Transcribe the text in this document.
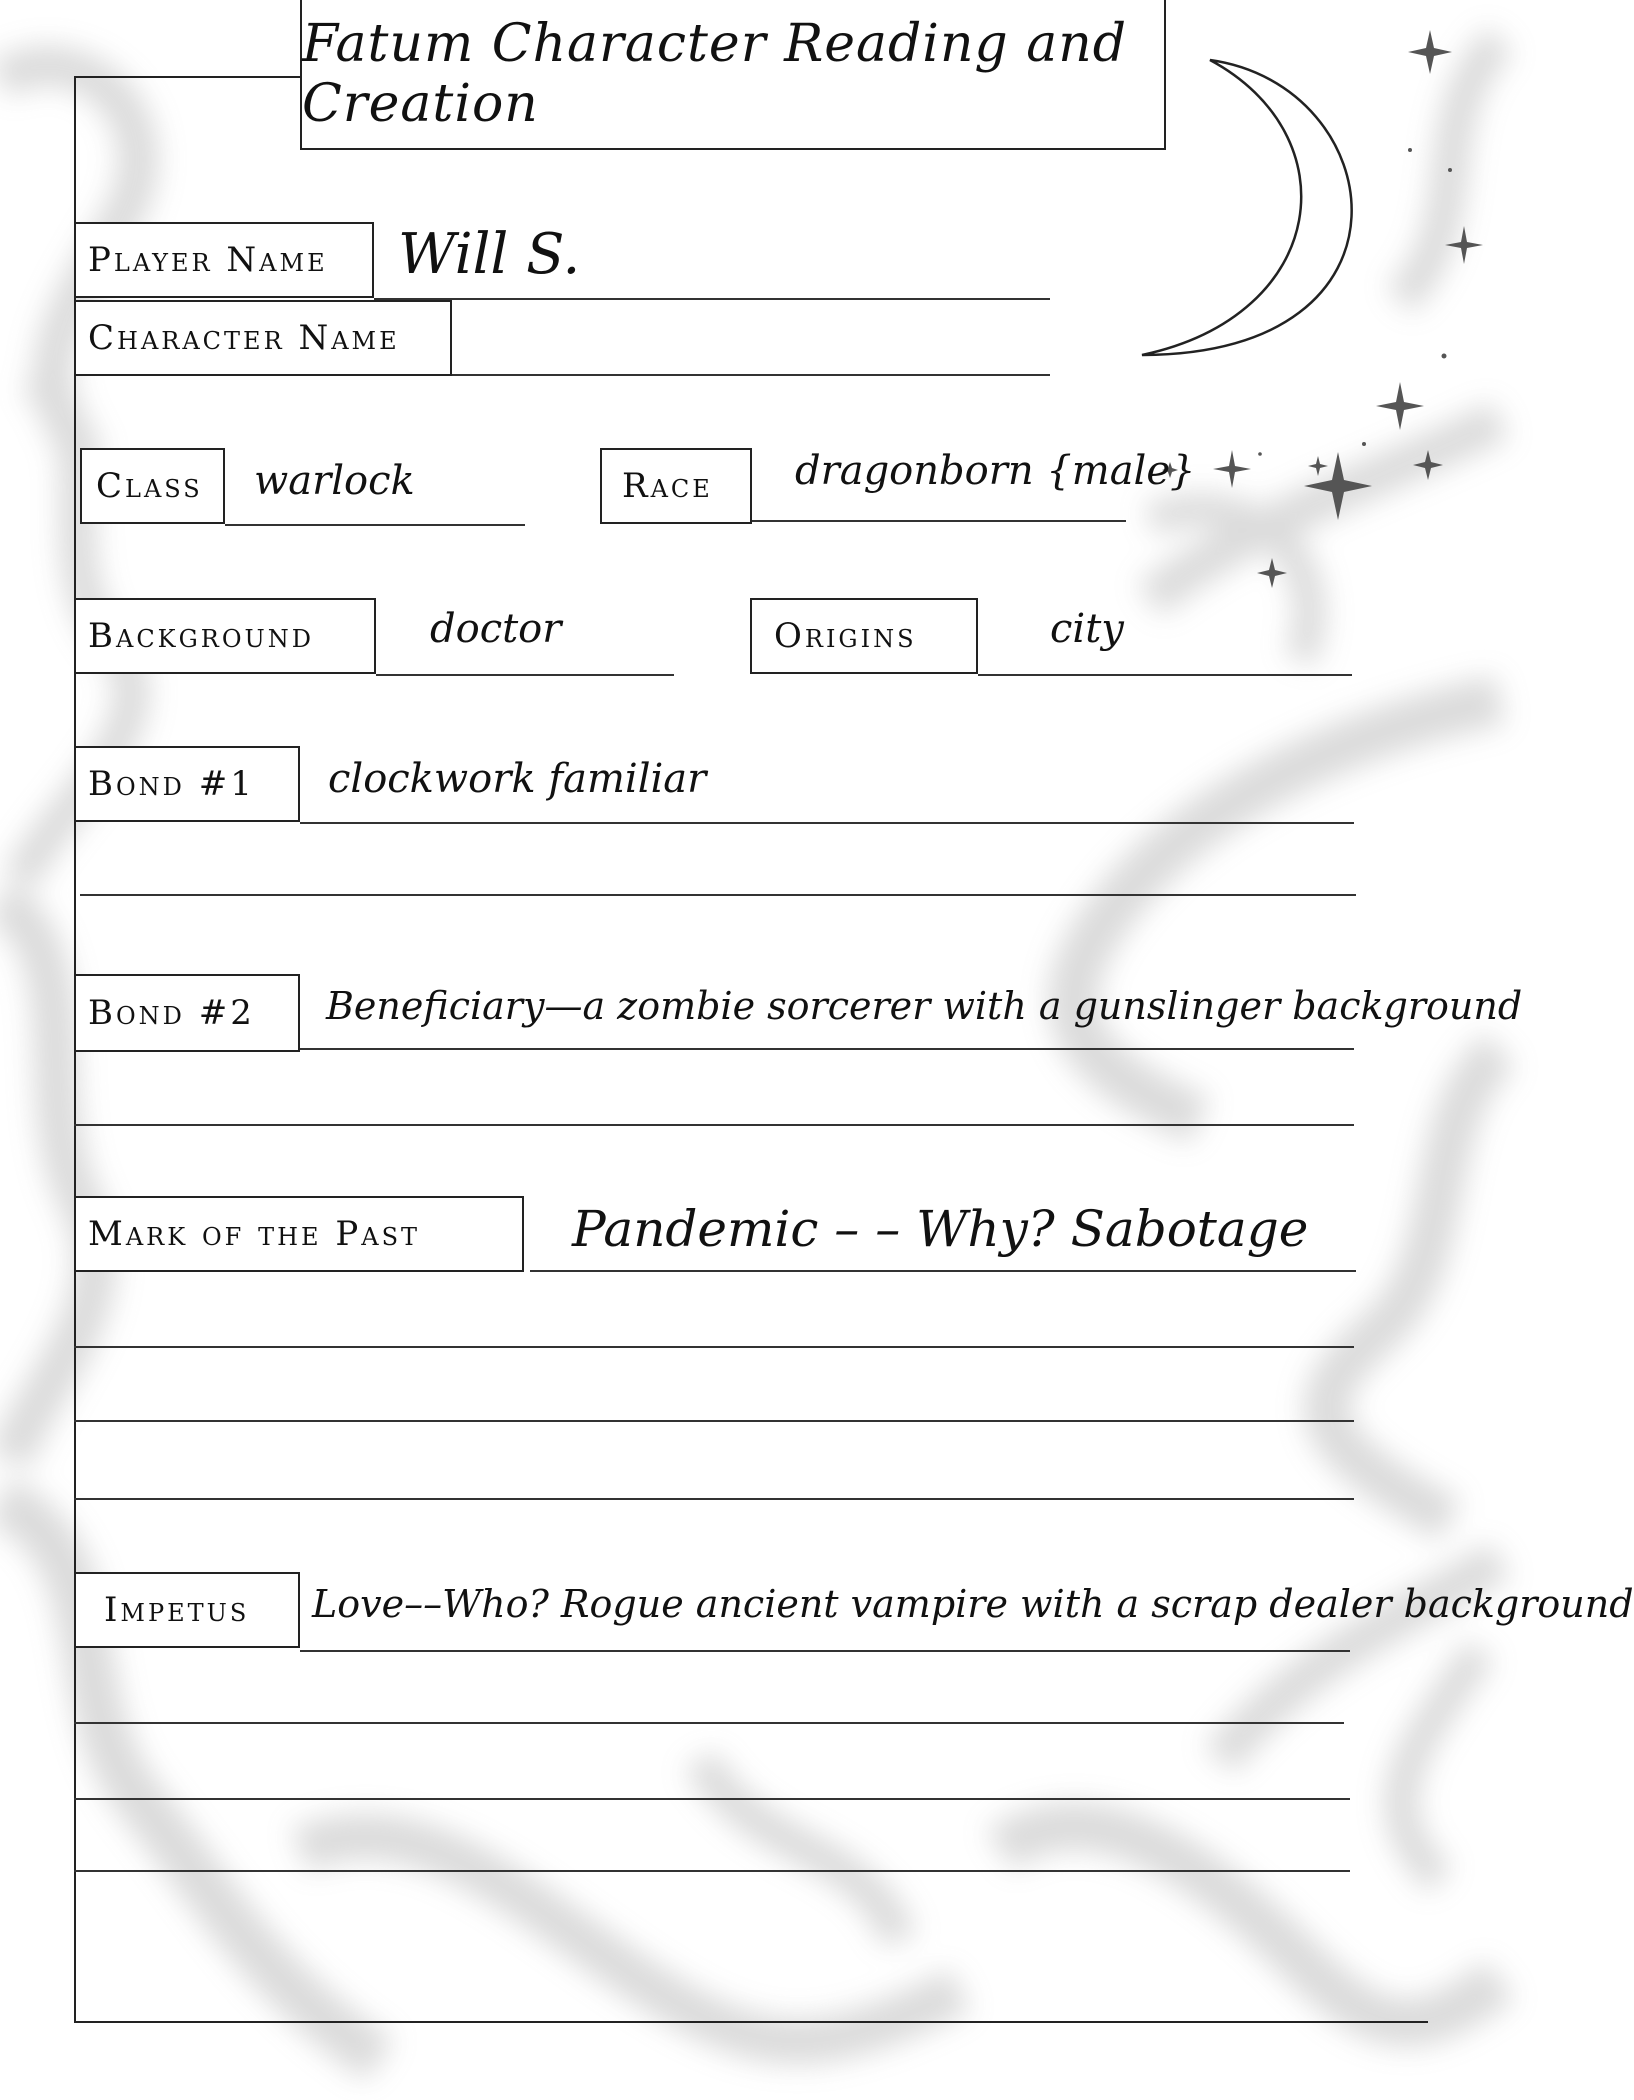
Fatum Character Reading and Creation
Player Name	Will S.
Character Name
Class	warlock	Race	dragonborn {male}
Background	doctor	Origins	city
Bond #1	clockwork familiar
Bond #2	Beneficiary—a zombie sorcerer with a gunslinger background
Mark of the Past	Pandemic – – Why? Sabotage
Impetus	Love––Who? Rogue ancient vampire with a scrap dealer background
